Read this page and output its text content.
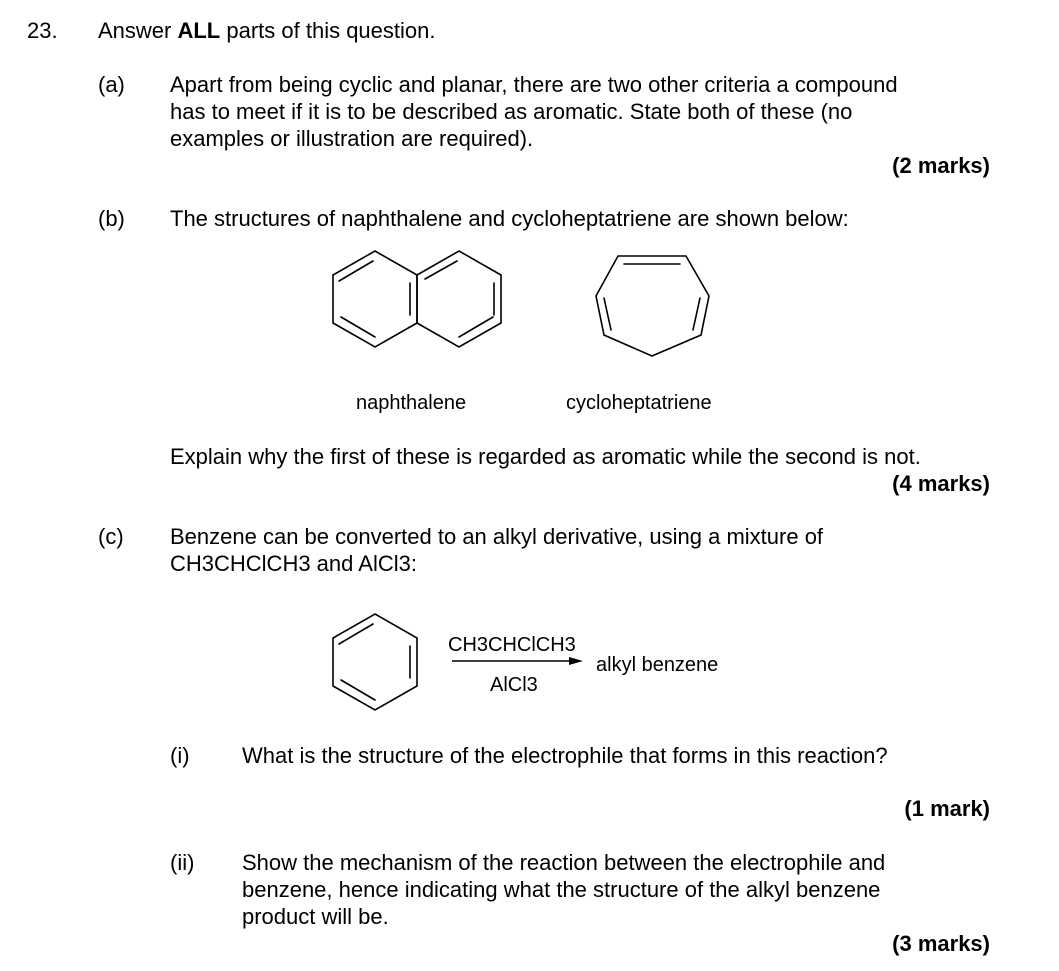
23. Answer ALL parts of this question.
(a) Apart from being cyclic and planar, there are two other criteria a compound
has to meet if it is to be described as aromatic. State both of these (no
examples or illustration are required).
(2 marks)
(b) The structures of naphthalene and cycloheptatriene are shown below:
naphthalene	cycloheptatriene
Explain why the first of these is regarded as aromatic while the second is not.
(4 marks)
(c) Benzene can be converted to an alkyl derivative, using a mixture of
CH3CHClCH3 and AlCl3:
CH3CHClCH3
AlCl3
alkyl benzene
(i) What is the structure of the electrophile that forms in this reaction?
(1 mark)
(ii) Show the mechanism of the reaction between the electrophile and
benzene, hence indicating what the structure of the alkyl benzene
product will be.
(3 marks)
